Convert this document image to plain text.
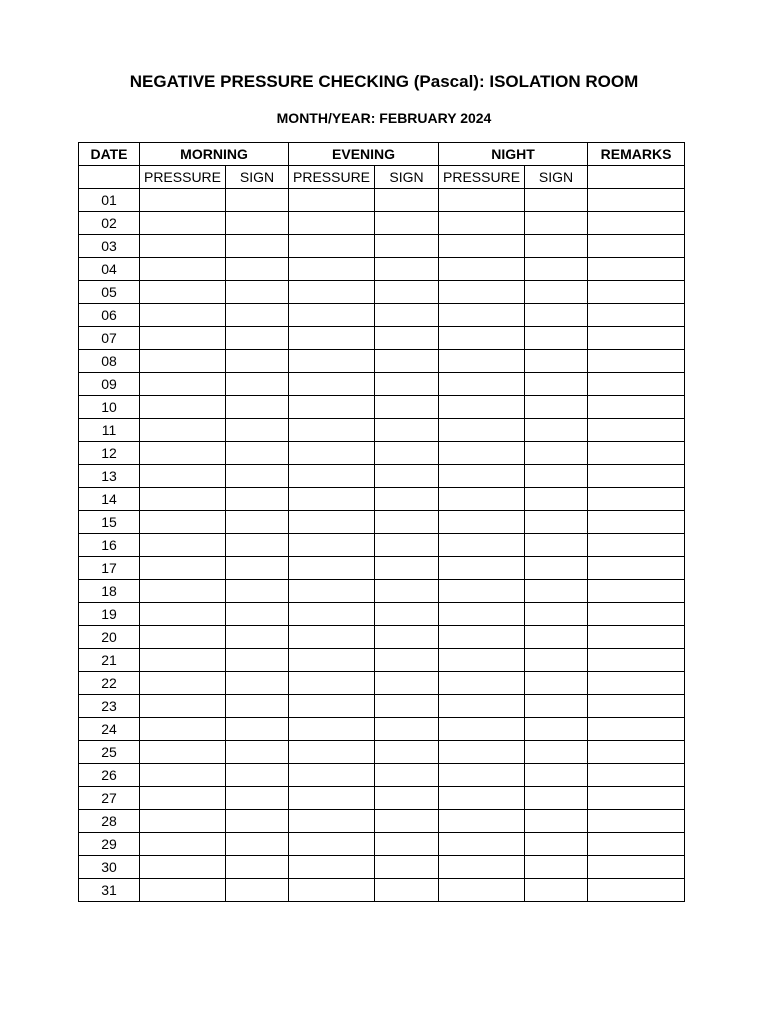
NEGATIVE PRESSURE CHECKING (Pascal): ISOLATION ROOM
MONTH/YEAR: FEBRUARY 2024
DATE	MORNING		EVENING		NIGHT		REMARKS
	PRESSURE	SIGN	PRESSURE	SIGN	PRESSURE	SIGN	
01							
02							
03							
04							
05							
06							
07							
08							
09							
10							
11							
12							
13							
14							
15							
16							
17							
18							
19							
20							
21							
22							
23							
24							
25							
26							
27							
28							
29							
30							
31							
